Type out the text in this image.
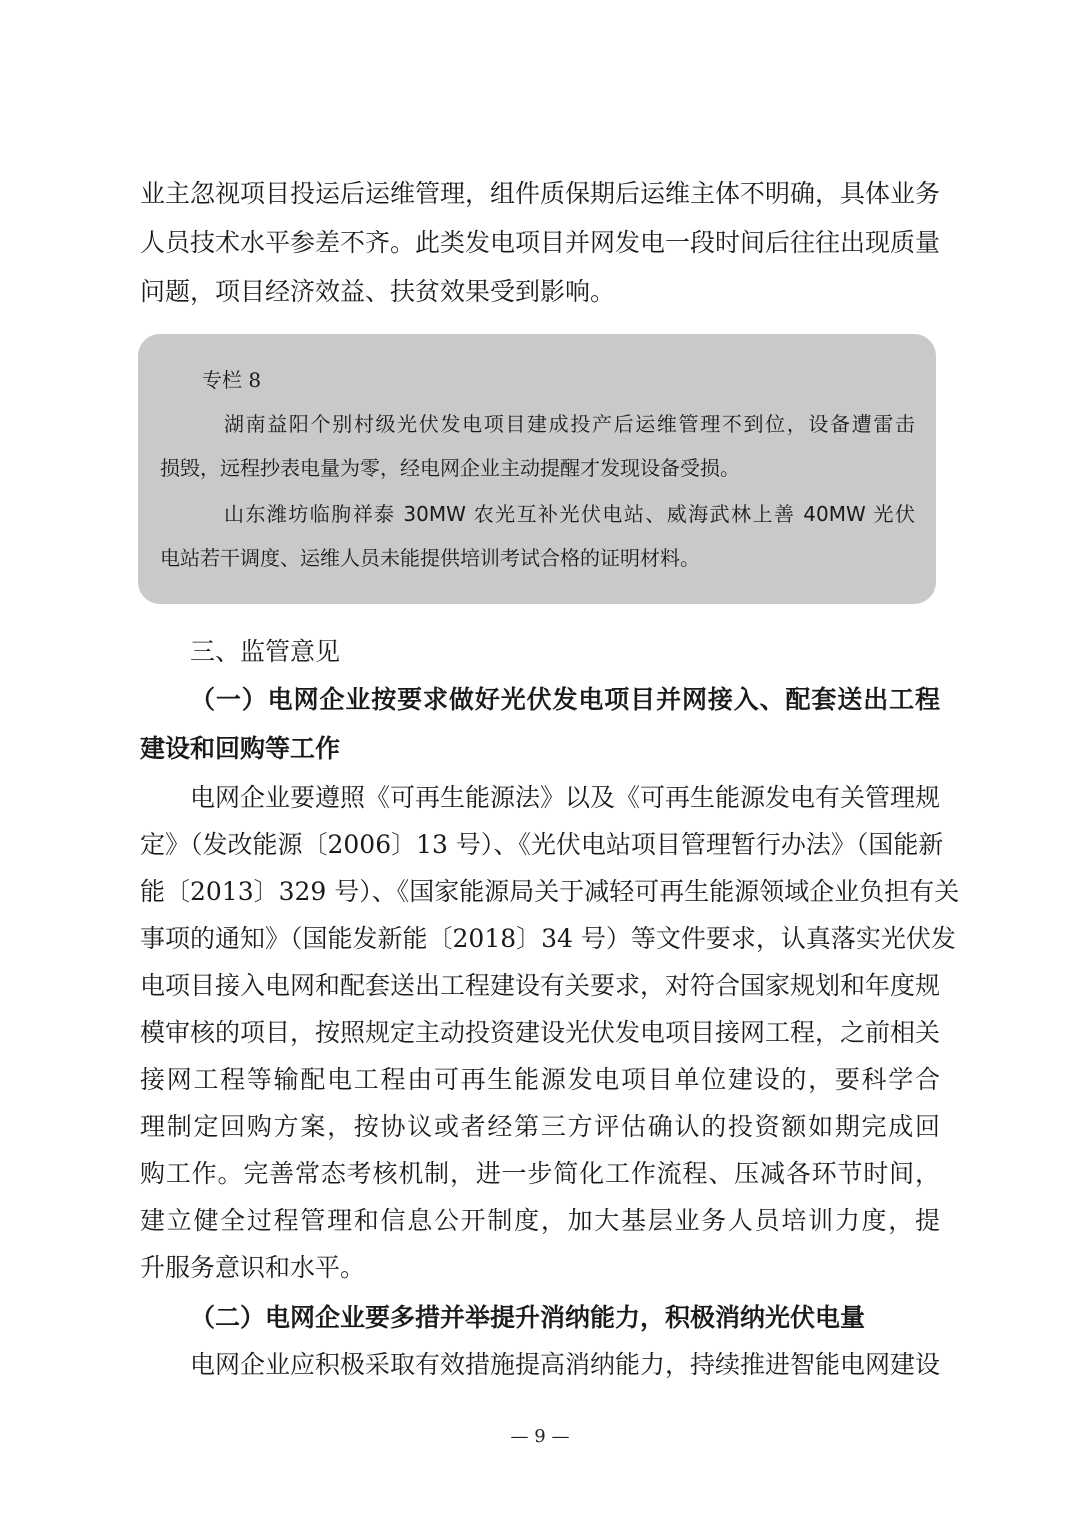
业主忽视项目投运后运维管理，组件质保期后运维主体不明确，具体业务
人员技术水平参差不齐。此类发电项目并网发电一段时间后往往出现质量
问题，项目经济效益、扶贫效果受到影响。
专栏 8
湖南益阳个别村级光伏发电项目建成投产后运维管理不到位，设备遭雷击
损毁，远程抄表电量为零，经电网企业主动提醒才发现设备受损。
山东潍坊临朐祥泰 30MW 农光互补光伏电站、威海武林上善 40MW 光伏
电站若干调度、运维人员未能提供培训考试合格的证明材料。
三、监管意见
（一）电网企业按要求做好光伏发电项目并网接入、配套送出工程
建设和回购等工作
电网企业要遵照《可再生能源法》以及《可再生能源发电有关管理规
定》（发改能源〔2006〕13 号）、《光伏电站项目管理暂行办法》（国能新
能〔2013〕329 号）、《国家能源局关于减轻可再生能源领域企业负担有关
事项的通知》（国能发新能〔2018〕34 号）等文件要求，认真落实光伏发
电项目接入电网和配套送出工程建设有关要求，对符合国家规划和年度规
模审核的项目，按照规定主动投资建设光伏发电项目接网工程，之前相关
接网工程等输配电工程由可再生能源发电项目单位建设的，要科学合
理制定回购方案，按协议或者经第三方评估确认的投资额如期完成回
购工作。完善常态考核机制，进一步简化工作流程、压减各环节时间，
建立健全过程管理和信息公开制度，加大基层业务人员培训力度，提
升服务意识和水平。
（二）电网企业要多措并举提升消纳能力，积极消纳光伏电量
电网企业应积极采取有效措施提高消纳能力，持续推进智能电网建设
— 9 —
